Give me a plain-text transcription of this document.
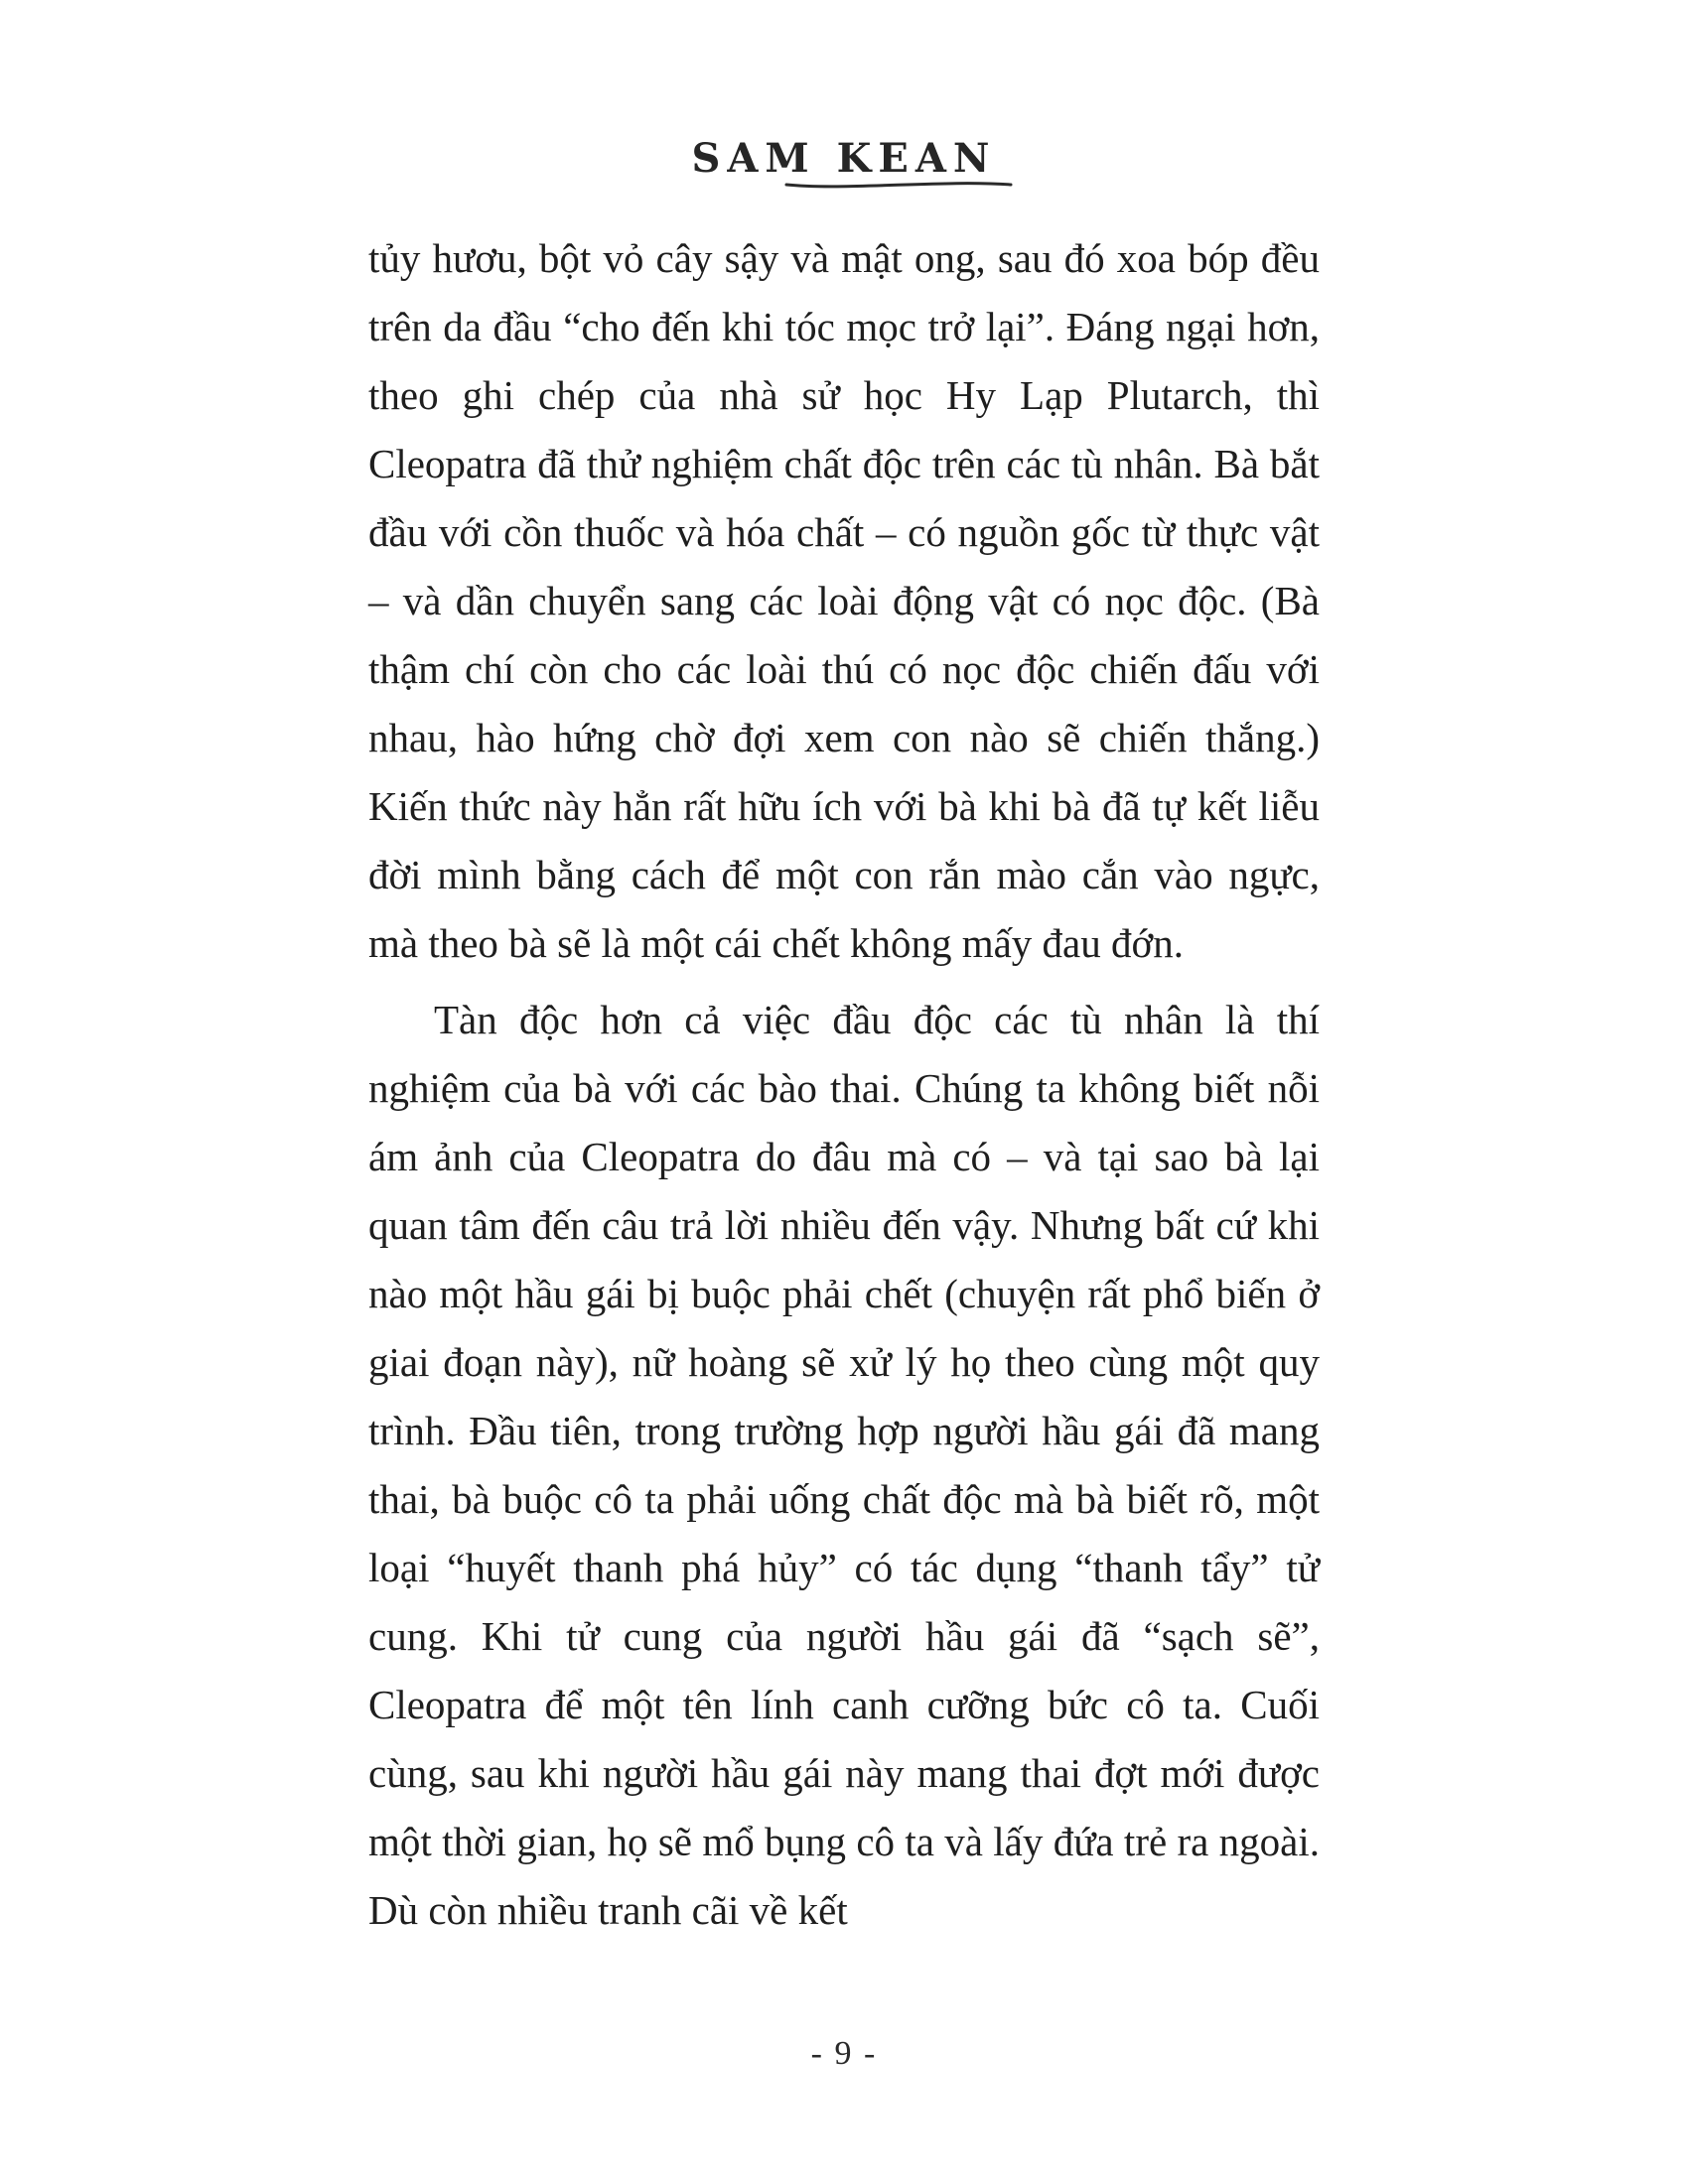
SAM KEAN

tủy hươu, bột vỏ cây sậy và mật ong, sau đó xoa bóp đều trên da đầu “cho đến khi tóc mọc trở lại”. Đáng ngại hơn, theo ghi chép của nhà sử học Hy Lạp Plutarch, thì Cleopatra đã thử nghiệm chất độc trên các tù nhân. Bà bắt đầu với cồn thuốc và hóa chất – có nguồn gốc từ thực vật – và dần chuyển sang các loài động vật có nọc độc. (Bà thậm chí còn cho các loài thú có nọc độc chiến đấu với nhau, hào hứng chờ đợi xem con nào sẽ chiến thắng.) Kiến thức này hẳn rất hữu ích với bà khi bà đã tự kết liễu đời mình bằng cách để một con rắn mào cắn vào ngực, mà theo bà sẽ là một cái chết không mấy đau đớn.

Tàn độc hơn cả việc đầu độc các tù nhân là thí nghiệm của bà với các bào thai. Chúng ta không biết nỗi ám ảnh của Cleopatra do đâu mà có – và tại sao bà lại quan tâm đến câu trả lời nhiều đến vậy. Nhưng bất cứ khi nào một hầu gái bị buộc phải chết (chuyện rất phổ biến ở giai đoạn này), nữ hoàng sẽ xử lý họ theo cùng một quy trình. Đầu tiên, trong trường hợp người hầu gái đã mang thai, bà buộc cô ta phải uống chất độc mà bà biết rõ, một loại “huyết thanh phá hủy” có tác dụng “thanh tẩy” tử cung. Khi tử cung của người hầu gái đã “sạch sẽ”, Cleopatra để một tên lính canh cưỡng bức cô ta. Cuối cùng, sau khi người hầu gái này mang thai đợt mới được một thời gian, họ sẽ mổ bụng cô ta và lấy đứa trẻ ra ngoài. Dù còn nhiều tranh cãi về kết

- 9 -
